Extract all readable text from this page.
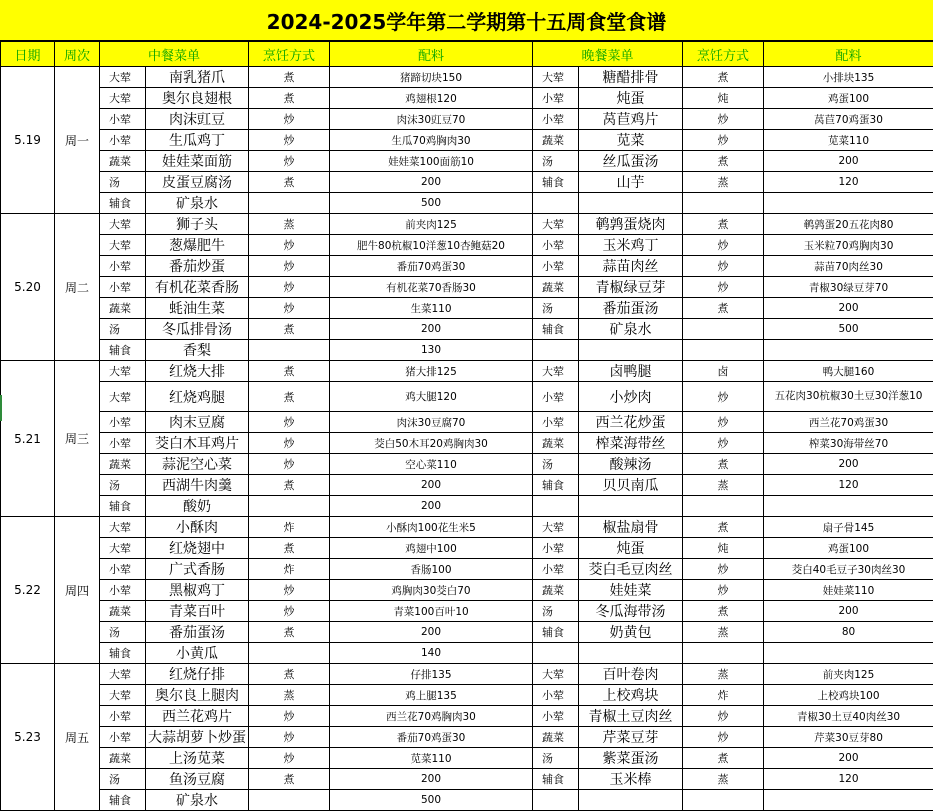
2024-2025学年第二学期第十五周食堂食谱
日期	周次	中餐菜单		烹饪方式	配料	晚餐菜单		烹饪方式	配料
5.19	周一	大荤	南乳猪爪	煮	猪蹄切块150	大荤	糖醋排骨	煮	小排块135
		大荤	奥尔良翅根	煮	鸡翅根120	小荤	炖蛋	炖	鸡蛋100
		小荤	肉沫豇豆	炒	肉沫30豇豆70	小荤	莴苣鸡片	炒	莴苣70鸡蛋30
		小荤	生瓜鸡丁	炒	生瓜70鸡胸肉30	蔬菜	苋菜	炒	苋菜110
		蔬菜	娃娃菜面筋	炒	娃娃菜100面筋10	汤	丝瓜蛋汤	煮	200
		汤	皮蛋豆腐汤	煮	200	辅食	山芋	蒸	120
		辅食	矿泉水		500				
5.20	周二	大荤	狮子头	蒸	前夹肉125	大荤	鹌鹑蛋烧肉	煮	鹌鹑蛋20五花肉80
		大荤	葱爆肥牛	炒	肥牛80杭椒10洋葱10杏鲍菇20	小荤	玉米鸡丁	炒	玉米粒70鸡胸肉30
		小荤	番茄炒蛋	炒	番茄70鸡蛋30	小荤	蒜苗肉丝	炒	蒜苗70肉丝30
		小荤	有机花菜香肠	炒	有机花菜70香肠30	蔬菜	青椒绿豆芽	炒	青椒30绿豆芽70
		蔬菜	蚝油生菜	炒	生菜110	汤	番茄蛋汤	煮	200
		汤	冬瓜排骨汤	煮	200	辅食	矿泉水		500
		辅食	香梨		130				
5.21	周三	大荤	红烧大排	煮	猪大排125	大荤	卤鸭腿	卤	鸭大腿160
		大荤	红烧鸡腿	煮	鸡大腿120	小荤	小炒肉	炒	五花肉30杭椒30土豆30洋葱10
		小荤	肉末豆腐	炒	肉沫30豆腐70	小荤	西兰花炒蛋	炒	西兰花70鸡蛋30
		小荤	茭白木耳鸡片	炒	茭白50木耳20鸡胸肉30	蔬菜	榨菜海带丝	炒	榨菜30海带丝70
		蔬菜	蒜泥空心菜	炒	空心菜110	汤	酸辣汤	煮	200
		汤	西湖牛肉羹	煮	200	辅食	贝贝南瓜	蒸	120
		辅食	酸奶		200				
5.22	周四	大荤	小酥肉	炸	小酥肉100花生米5	大荤	椒盐扇骨	煮	扇子骨145
		大荤	红烧翅中	煮	鸡翅中100	小荤	炖蛋	炖	鸡蛋100
		小荤	广式香肠	炸	香肠100	小荤	茭白毛豆肉丝	炒	茭白40毛豆子30肉丝30
		小荤	黑椒鸡丁	炒	鸡胸肉30茭白70	蔬菜	娃娃菜	炒	娃娃菜110
		蔬菜	青菜百叶	炒	青菜100百叶10	汤	冬瓜海带汤	煮	200
		汤	番茄蛋汤	煮	200	辅食	奶黄包	蒸	80
		辅食	小黄瓜		140				
5.23	周五	大荤	红烧仔排	煮	仔排135	大荤	百叶卷肉	蒸	前夹肉125
		大荤	奥尔良上腿肉	蒸	鸡上腿135	小荤	上校鸡块	炸	上校鸡块100
		小荤	西兰花鸡片	炒	西兰花70鸡胸肉30	小荤	青椒土豆肉丝	炒	青椒30土豆40肉丝30
		小荤	大蒜胡萝卜炒蛋	炒	番茄70鸡蛋30	蔬菜	芹菜豆芽	炒	芹菜30豆芽80
		蔬菜	上汤苋菜	炒	苋菜110	汤	紫菜蛋汤	煮	200
		汤	鱼汤豆腐	煮	200	辅食	玉米棒	蒸	120
		辅食	矿泉水		500				
